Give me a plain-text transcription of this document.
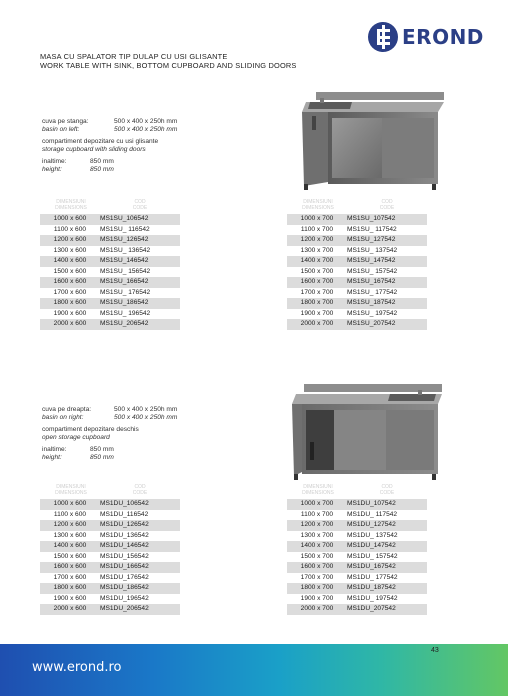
EROND
MASA CU SPALATOR TIP DULAP CU USI GLISANTE
WORK TABLE WITH SINK, BOTTOM CUPBOARD AND SLIDING DOORS
cuva pe stanga:	500 x 400 x 250h mm
basin on left:	500 x 400 x 250h mm
compartiment depozitare cu usi glisante
storage cupboard with sliding doors
inaltime:	850 mm
height:	850 mm
DIMENSIUNI
DIMENSIONS
COD
CODE
1000 x 600	MS1SU_106542
1100 x 600	MS1SU_ 116542
1200 x 600	MS1SU_126542
1300 x 600	MS1SU_ 136542
1400 x 600	MS1SU_146542
1500 x 600	MS1SU_ 156542
1600 x 600	MS1SU_166542
1700 x 600	MS1SU_ 176542
1800 x 600	MS1SU_186542
1900 x 600	MS1SU_ 196542
2000 x 600	MS1SU_206542
DIMENSIUNI
DIMENSIONS
COD
CODE
1000 x 700	MS1SU_107542
1100 x 700	MS1SU_ 117542
1200 x 700	MS1SU_127542
1300 x 700	MS1SU_ 137542
1400 x 700	MS1SU_147542
1500 x 700	MS1SU_ 157542
1600 x 700	MS1SU_167542
1700 x 700	MS1SU_ 177542
1800 x 700	MS1SU_187542
1900 x 700	MS1SU_ 197542
2000 x 700	MS1SU_207542
cuva pe dreapta:	500 x 400 x 250h mm
basin on right:	500 x 400 x 250h mm
compartiment depozitare deschis
open storage cupboard
inaltime:	850 mm
height:	850 mm
DIMENSIUNI
DIMENSIONS
COD
CODE
1000 x 600	MS1DU_106542
1100 x 600	MS1DU_116542
1200 x 600	MS1DU_126542
1300 x 600	MS1DU_136542
1400 x 600	MS1DU_146542
1500 x 600	MS1DU_156542
1600 x 600	MS1DU_166542
1700 x 600	MS1DU_176542
1800 x 600	MS1DU_186542
1900 x 600	MS1DU_196542
2000 x 600	MS1DU_206542
DIMENSIUNI
DIMENSIONS
COD
CODE
1000 x 700	MS1DU_107542
1100 x 700	MS1DU_ 117542
1200 x 700	MS1DU_127542
1300 x 700	MS1DU_ 137542
1400 x 700	MS1DU_147542
1500 x 700	MS1DU_ 157542
1600 x 700	MS1DU_167542
1700 x 700	MS1DU_ 177542
1800 x 700	MS1DU_187542
1900 x 700	MS1DU_ 197542
2000 x 700	MS1DU_207542
www.erond.ro
43
